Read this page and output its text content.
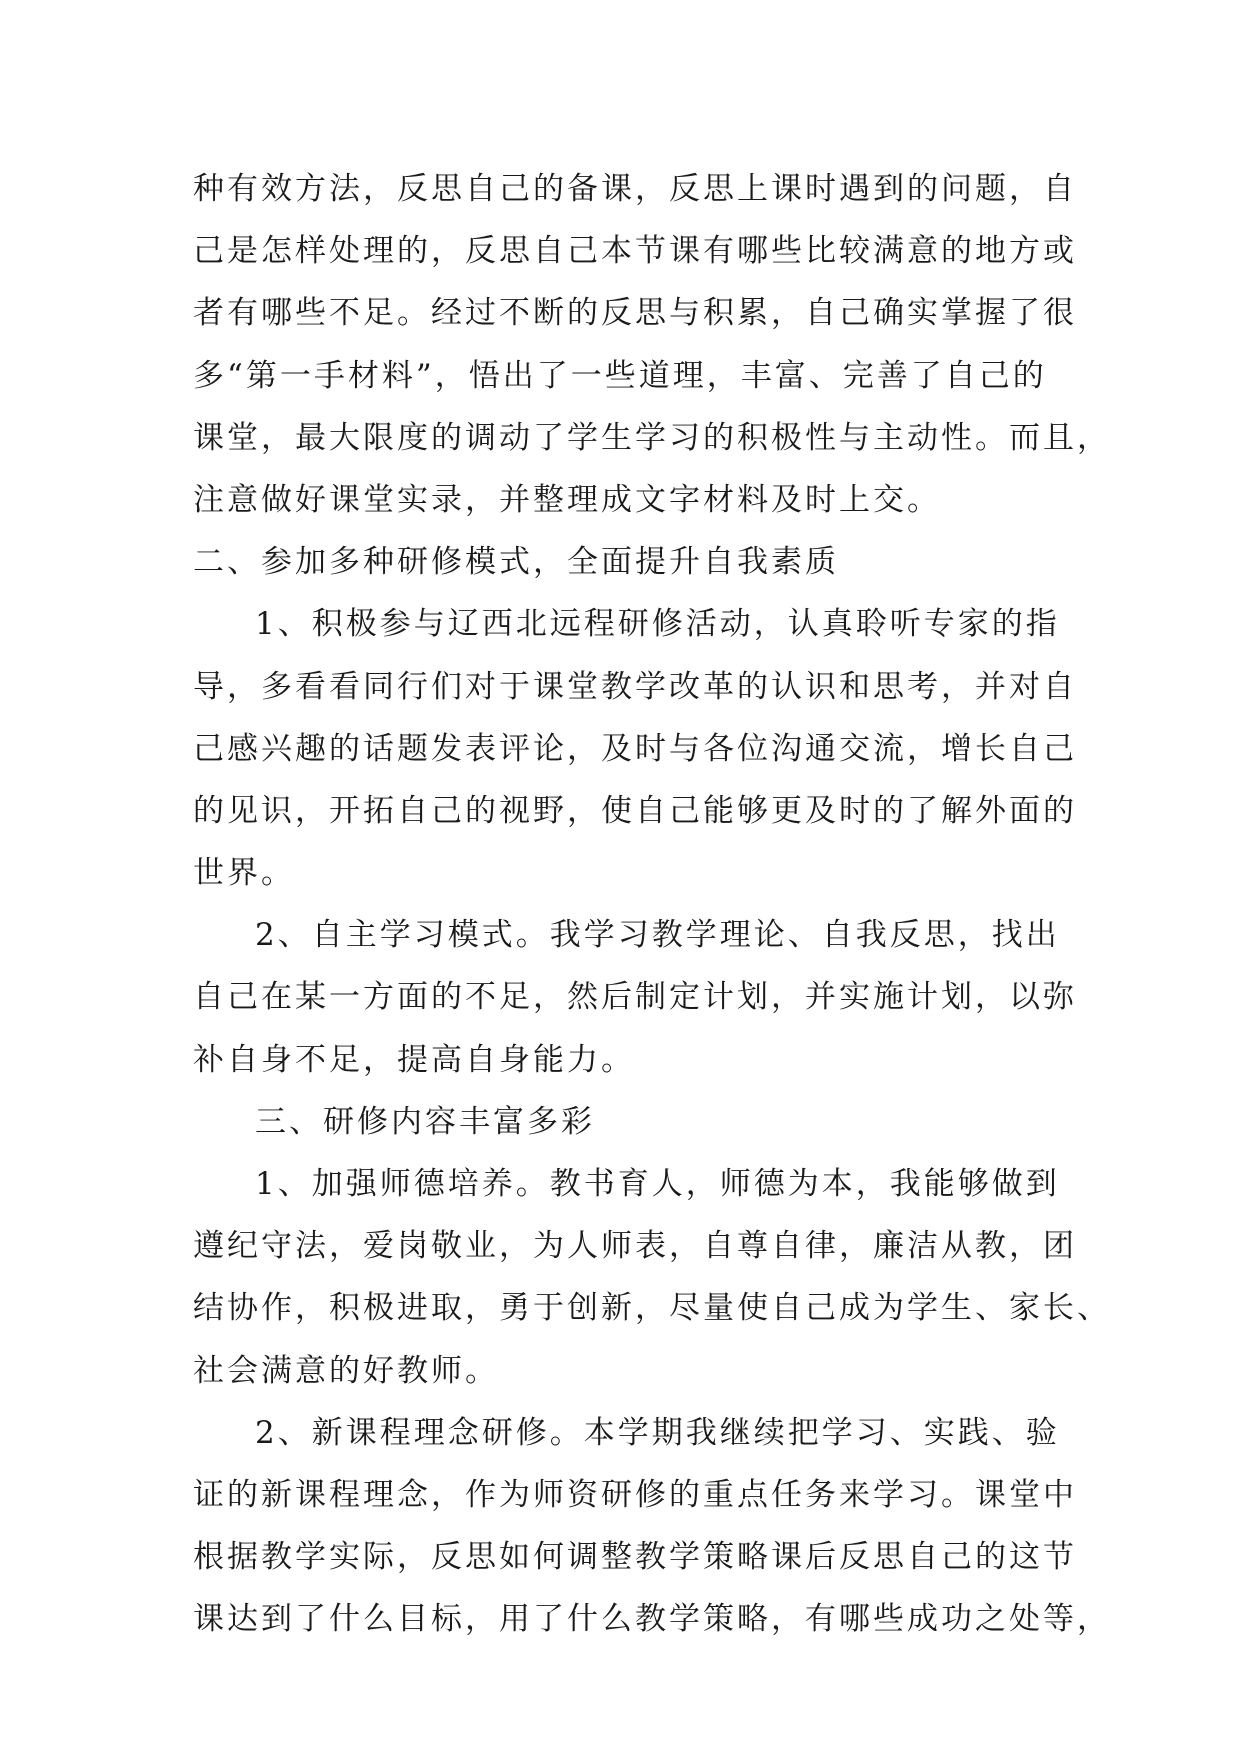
种有效方法，反思自己的备课，反思上课时遇到的问题，自
己是怎样处理的，反思自己本节课有哪些比较满意的地方或
者有哪些不足。经过不断的反思与积累，自己确实掌握了很
多“第一手材料”，悟出了一些道理，丰富、完善了自己的
课堂，最大限度的调动了学生学习的积极性与主动性。而且，
注意做好课堂实录，并整理成文字材料及时上交。
二、参加多种研修模式，全面提升自我素质
1、积极参与辽西北远程研修活动，认真聆听专家的指
导，多看看同行们对于课堂教学改革的认识和思考，并对自
己感兴趣的话题发表评论，及时与各位沟通交流，增长自己
的见识，开拓自己的视野，使自己能够更及时的了解外面的
世界。
2、自主学习模式。我学习教学理论、自我反思，找出
自己在某一方面的不足，然后制定计划，并实施计划，以弥
补自身不足，提高自身能力。
三、研修内容丰富多彩
1、加强师德培养。教书育人，师德为本，我能够做到
遵纪守法，爱岗敬业，为人师表，自尊自律，廉洁从教，团
结协作，积极进取，勇于创新，尽量使自己成为学生、家长、
社会满意的好教师。
2、新课程理念研修。本学期我继续把学习、实践、验
证的新课程理念，作为师资研修的重点任务来学习。课堂中
根据教学实际，反思如何调整教学策略课后反思自己的这节
课达到了什么目标，用了什么教学策略，有哪些成功之处等，
